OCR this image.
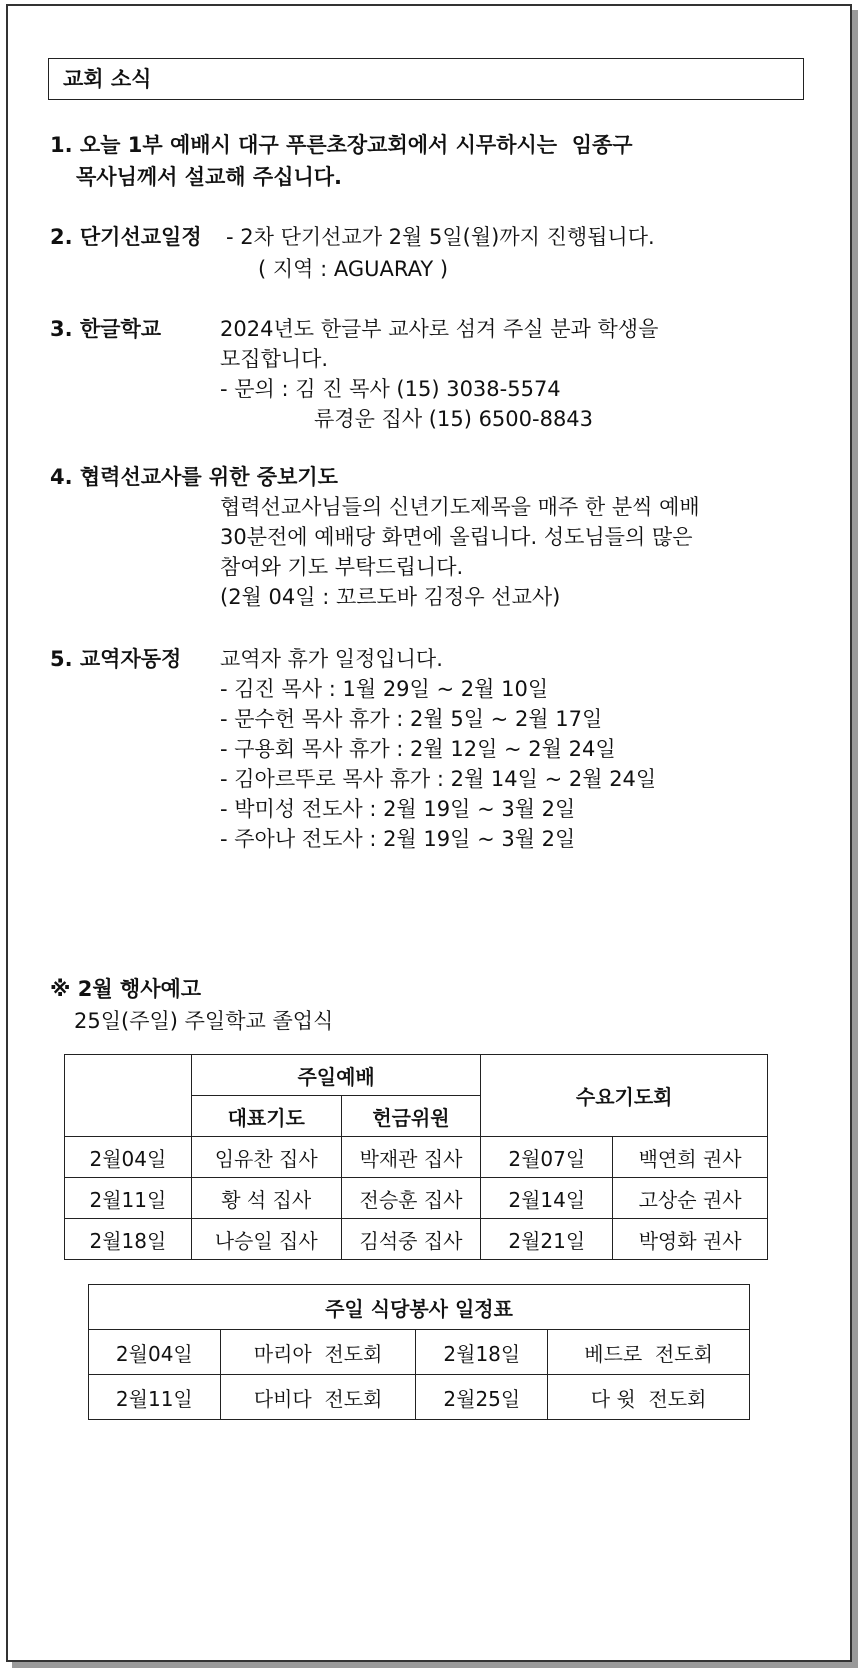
교회 소식
1. 오늘 1부 예배시 대구 푸른초장교회에서 시무하시는  임종구
목사님께서 설교해 주십니다.
2. 단기선교일정 - 2차 단기선교가 2월 5일(월)까지 진행됩니다.
( 지역 : AGUARAY )
3. 한글학교	2024년도 한글부 교사로 섬겨 주실 분과 학생을
모집합니다.
- 문의 : 김 진 목사 (15) 3038-5574
류경운 집사 (15) 6500-8843
4. 협력선교사를 위한 중보기도
협력선교사님들의 신년기도제목을 매주 한 분씩 예배
30분전에 예배당 화면에 올립니다. 성도님들의 많은
참여와 기도 부탁드립니다.
(2월 04일 : 꼬르도바 김정우 선교사)
5. 교역자동정 교역자 휴가 일정입니다.
- 김진 목사 : 1월 29일 ~ 2월 10일
- 문수헌 목사 휴가 : 2월 5일 ~ 2월 17일
- 구용회 목사 휴가 : 2월 12일 ~ 2월 24일
- 김아르뚜로 목사 휴가 : 2월 14일 ~ 2월 24일
- 박미성 전도사 : 2월 19일 ~ 3월 2일
- 주아나 전도사 : 2월 19일 ~ 3월 2일
※ 2월 행사예고
25일(주일) 주일학교 졸업식
	주일예배		수요기도회	
	대표기도	헌금위원		
2월04일	임유찬 집사	박재관 집사	2월07일	백연희 권사
2월11일	황 석 집사	전승훈 집사	2월14일	고상순 권사
2월18일	나승일 집사	김석중 집사	2월21일	박영화 권사
주일 식당봉사 일정표			
2월04일	마리아  전도회	2월18일	베드로  전도회
2월11일	다비다  전도회	2월25일	다 윗  전도회
